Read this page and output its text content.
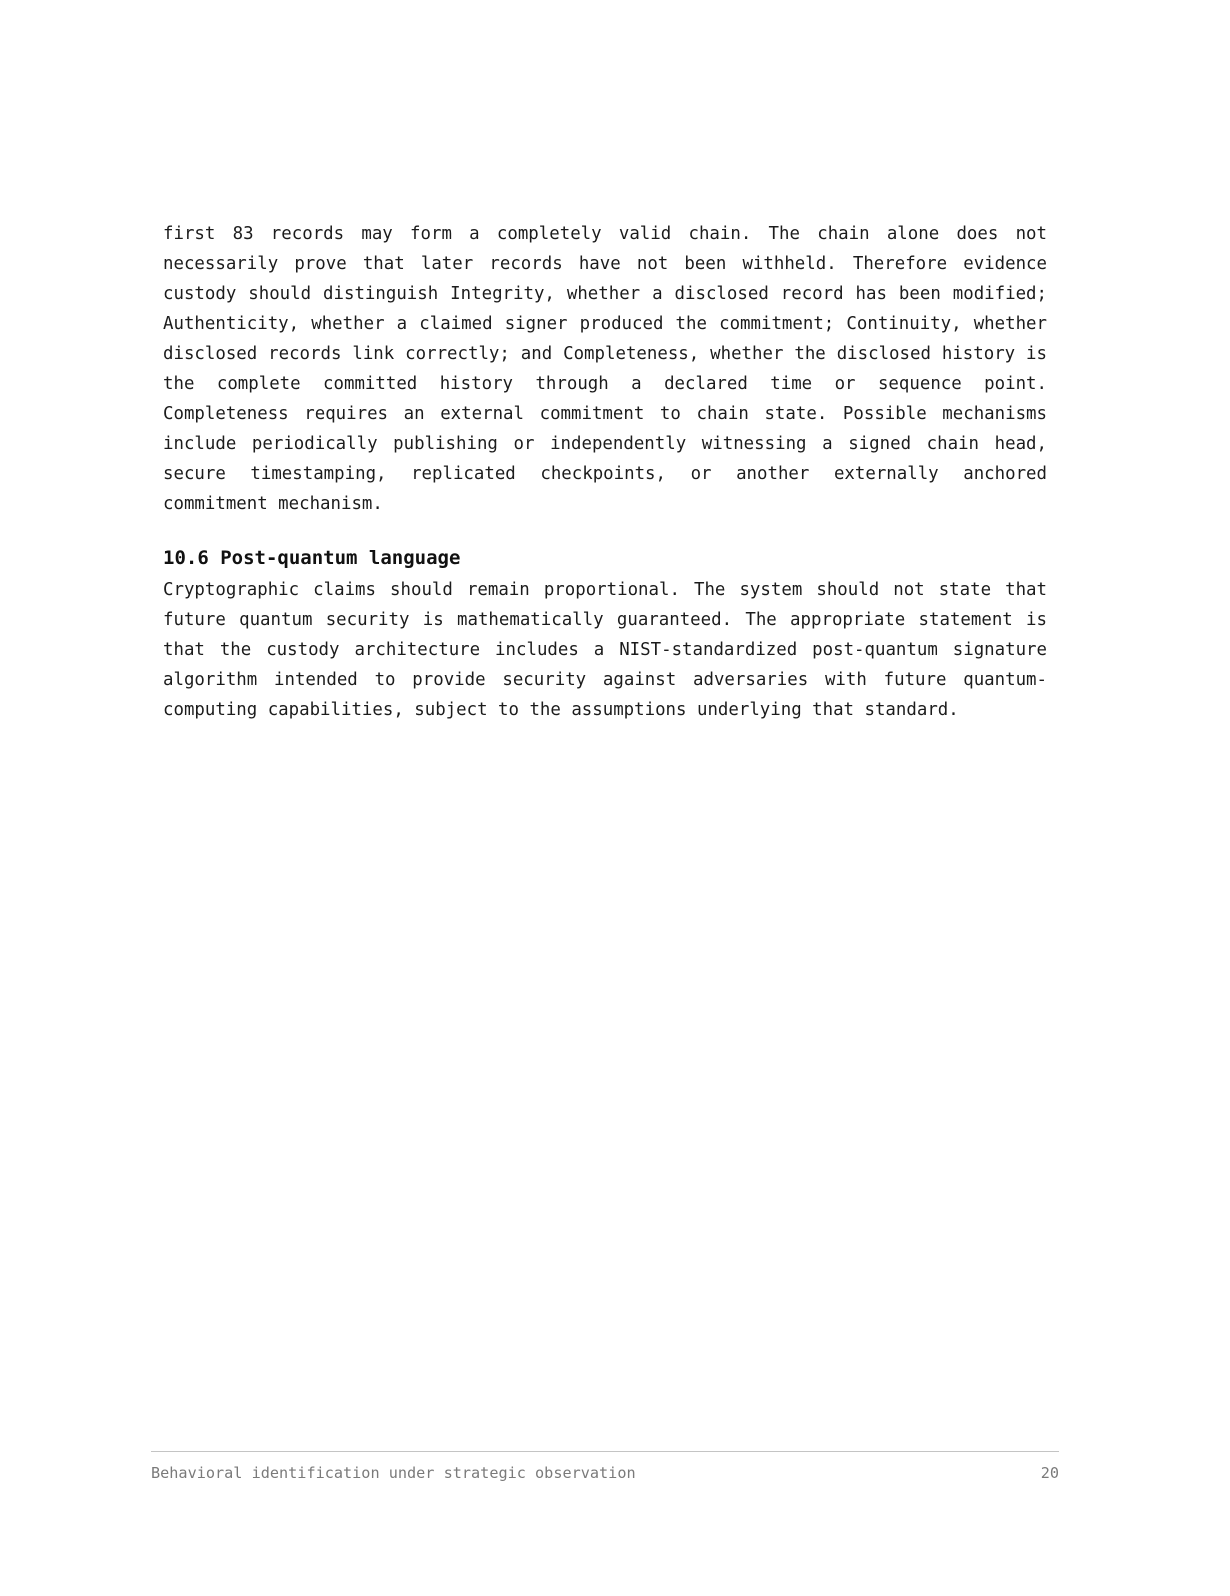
first 83 records may form a completely valid chain. The chain alone does not necessarily prove that later records have not been withheld. Therefore evidence custody should distinguish Integrity, whether a disclosed record has been modified; Authenticity, whether a claimed signer produced the commitment; Continuity, whether disclosed records link correctly; and Completeness, whether the disclosed history is the complete committed history through a declared time or sequence point. Completeness requires an external commitment to chain state. Possible mechanisms include periodically publishing or independently witnessing a signed chain head, secure timestamping, replicated checkpoints, or another externally anchored commitment mechanism.

10.6 Post-quantum language

Cryptographic claims should remain proportional. The system should not state that future quantum security is mathematically guaranteed. The appropriate statement is that the custody architecture includes a NIST-standardized post-quantum signature algorithm intended to provide security against adversaries with future quantum-computing capabilities, subject to the assumptions underlying that standard.

Behavioral identification under strategic observation	20
